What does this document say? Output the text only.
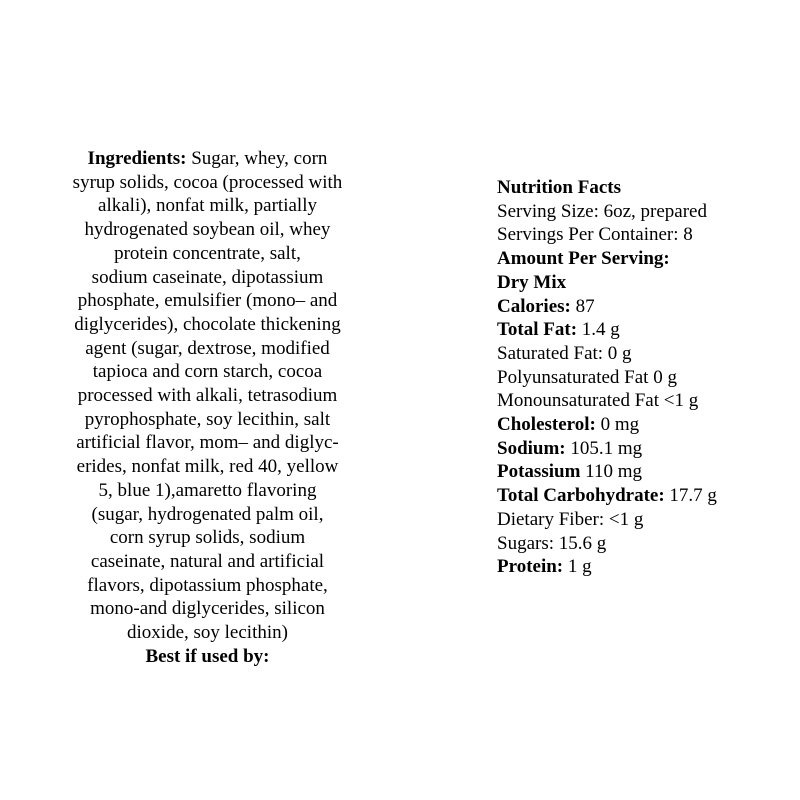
Ingredients: Sugar, whey, corn
syrup solids, cocoa (processed with
alkali), nonfat milk, partially
hydrogenated soybean oil, whey
protein concentrate, salt,
sodium caseinate, dipotassium
phosphate, emulsifier (mono– and
diglycerides), chocolate thickening
agent (sugar, dextrose, modified
tapioca and corn starch, cocoa
processed with alkali, tetrasodium
pyrophosphate, soy lecithin, salt
artificial flavor, mom– and diglyc-
erides, nonfat milk, red 40, yellow
5, blue 1),amaretto flavoring
(sugar, hydrogenated palm oil,
corn syrup solids, sodium
caseinate, natural and artificial
flavors, dipotassium phosphate,
mono-and diglycerides, silicon
dioxide, soy lecithin)
Best if used by:
Nutrition Facts
Serving Size: 6oz, prepared
Servings Per Container: 8
Amount Per Serving:
Dry Mix
Calories: 87
Total Fat: 1.4 g
Saturated Fat: 0 g
Polyunsaturated Fat 0 g
Monounsaturated Fat <1 g
Cholesterol: 0 mg
Sodium: 105.1 mg
Potassium 110 mg
Total Carbohydrate: 17.7 g
Dietary Fiber: <1 g
Sugars: 15.6 g
Protein: 1 g
